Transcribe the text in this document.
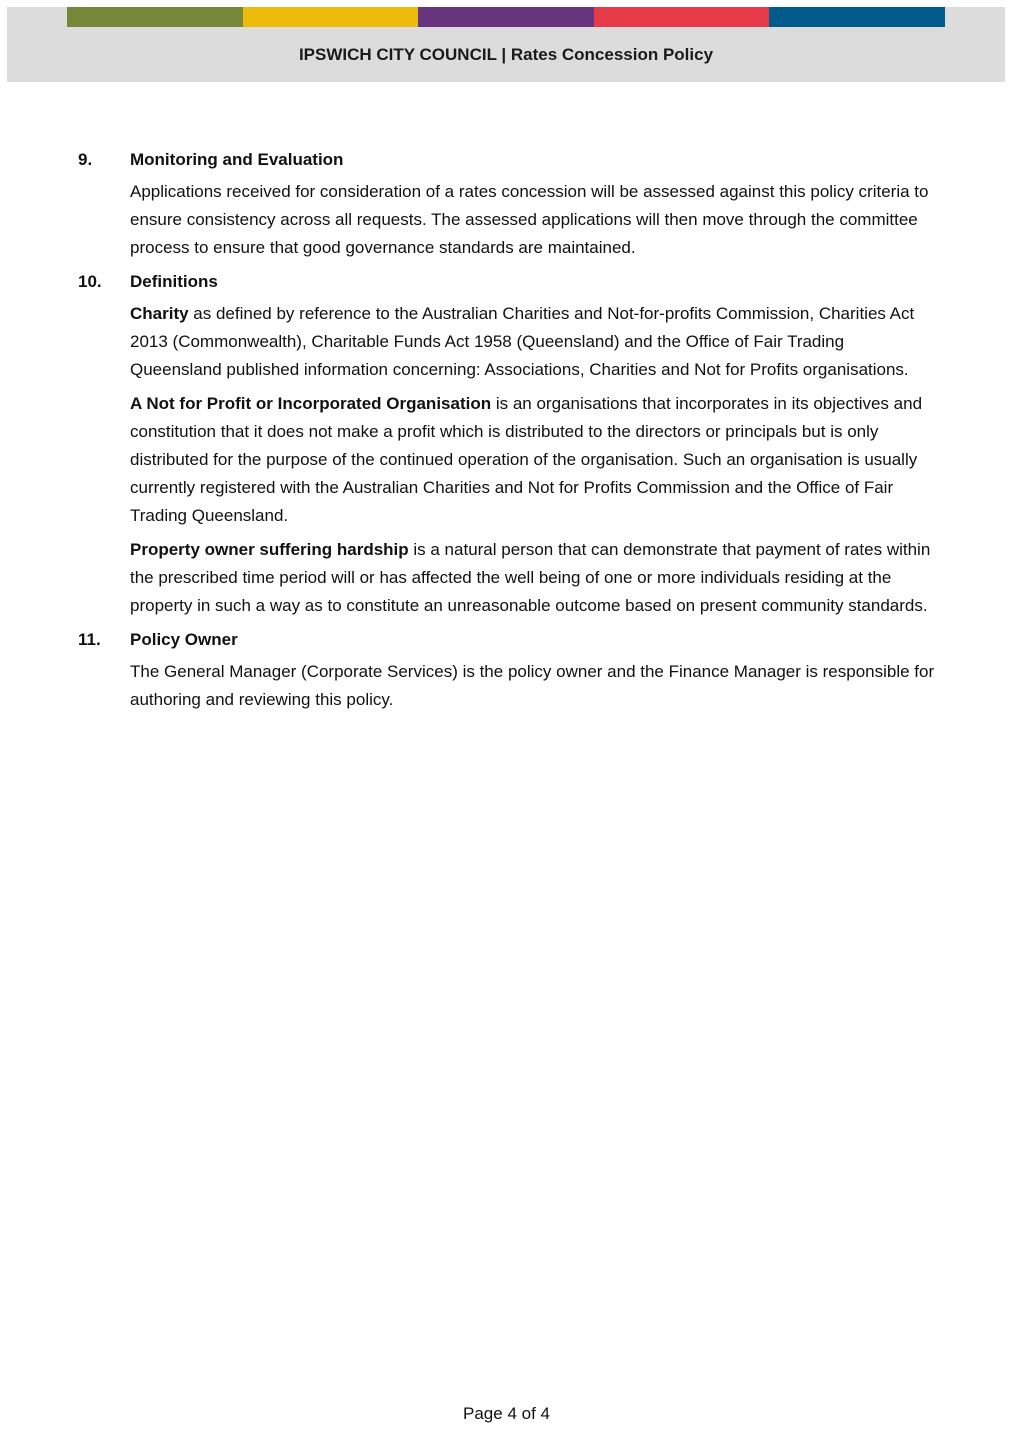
IPSWICH CITY COUNCIL | Rates Concession Policy
9.	Monitoring and Evaluation

Applications received for consideration of a rates concession will be assessed against this policy criteria to ensure consistency across all requests. The assessed applications will then move through the committee process to ensure that good governance standards are maintained.

10.	Definitions

Charity as defined by reference to the Australian Charities and Not-for-profits Commission, Charities Act 2013 (Commonwealth), Charitable Funds Act 1958 (Queensland) and the Office of Fair Trading Queensland published information concerning: Associations, Charities and Not for Profits organisations.

A Not for Profit or Incorporated Organisation is an organisations that incorporates in its objectives and constitution that it does not make a profit which is distributed to the directors or principals but is only distributed for the purpose of the continued operation of the organisation. Such an organisation is usually currently registered with the Australian Charities and Not for Profits Commission and the Office of Fair Trading Queensland.

Property owner suffering hardship is a natural person that can demonstrate that payment of rates within the prescribed time period will or has affected the well being of one or more individuals residing at the property in such a way as to constitute an unreasonable outcome based on present community standards.

11.	Policy Owner

The General Manager (Corporate Services) is the policy owner and the Finance Manager is responsible for authoring and reviewing this policy.

Page 4 of 4
